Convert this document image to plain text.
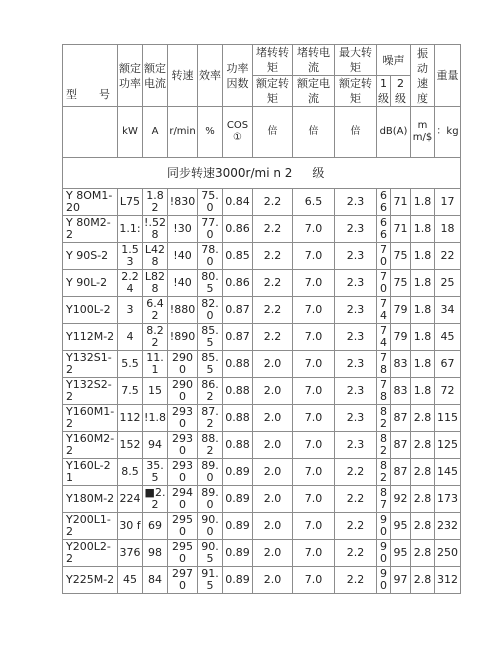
型　　号	额定功率	额定电流	转速	效率	功率因数	堵转转矩	堵转电流	最大转矩	噪声		振动速度	重量
						额定转矩	额定电流	额定转矩	1级	2级		
	kW	A	r/min	%	COS①	倍	倍	倍	dB(A)		mm/$	：kg
同步转速3000r/mi n 2 级												
Y 8OM1-20	L75	1.82	!830	75.0	0.84	2.2	6.5	2.3	66	71	1.8	17
Y 80M2-2	1.1:	!.528	!30	77.0	0.86	2.2	7.0	2.3	66	71	1.8	18
Y 90S-2	1.53	L428	!40	78.0	0.85	2.2	7.0	2.3	70	75	1.8	22
Y 90L-2	2.24	L828	!40	80.5	0.86	2.2	7.0	2.3	70	75	1.8	25
Y100L-2	3	6.42	!880	82.0	0.87	2.2	7.0	2.3	74	79	1.8	34
Y112M-2	4	8.22	!890	85.5	0.87	2.2	7.0	2.3	74	79	1.8	45
Y132S1-2	5.5	11.1	2900	85.5	0.88	2.0	7.0	2.3	78	83	1.8	67
Y132S2-2	7.5	15	2900	86.2	0.88	2.0	7.0	2.3	78	83	1.8	72
Y160M1-2	112	!1.8	2930	87.2	0.88	2.0	7.0	2.3	82	87	2.8	115
Y160M2-2	152	94	2930	88.2	0.88	2.0	7.0	2.3	82	87	2.8	125
Y160L-21	8.5	35.5	2930	89.0	0.89	2.0	7.0	2.2	82	87	2.8	145
Y180M-2	224	■2.2	2940	89.0	0.89	2.0	7.0	2.2	87	92	2.8	173
Y200L1-2	30 f	69	2950	90.0	0.89	2.0	7.0	2.2	90	95	2.8	232
Y200L2-2	376	98	2950	90.5	0.89	2.0	7.0	2.2	90	95	2.8	250
Y225M-2	45	84	2970	91.5	0.89	2.0	7.0	2.2	90	97	2.8	312
